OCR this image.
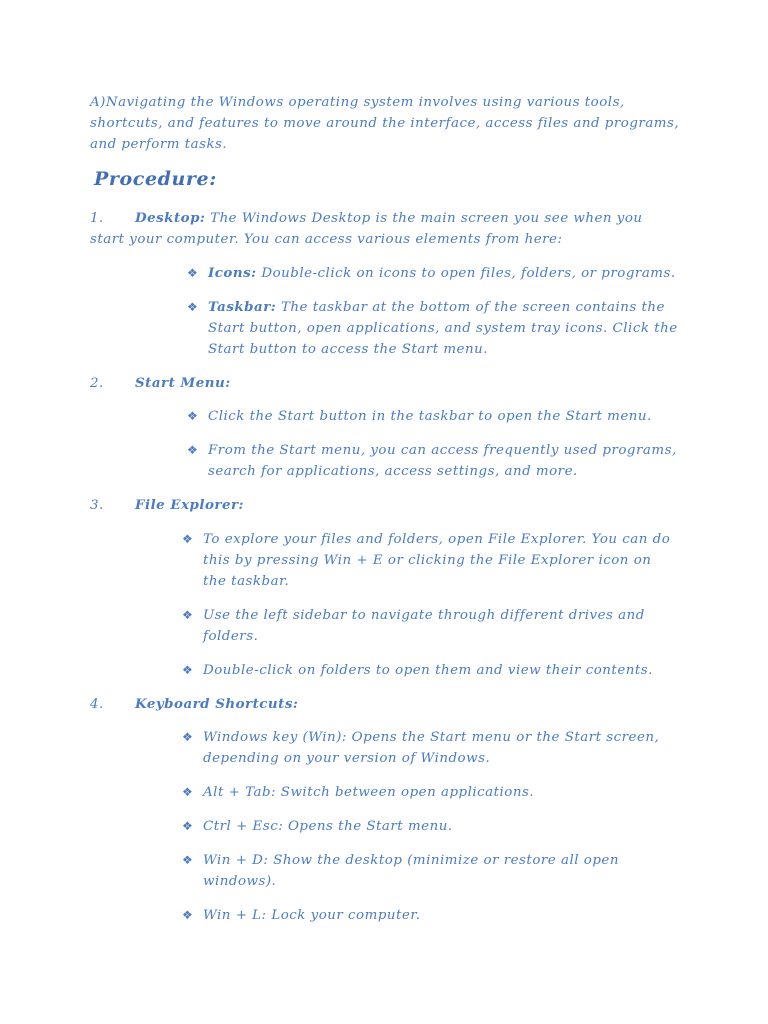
A)Navigating the Windows operating system involves using various tools, shortcuts, and features to move around the interface, access files and programs, and perform tasks.

Procedure:

1. Desktop: The Windows Desktop is the main screen you see when you start your computer. You can access various elements from here:

❖ Icons: Double-click on icons to open files, folders, or programs.

❖ Taskbar: The taskbar at the bottom of the screen contains the Start button, open applications, and system tray icons. Click the Start button to access the Start menu.

2. Start Menu:

❖ Click the Start button in the taskbar to open the Start menu.

❖ From the Start menu, you can access frequently used programs, search for applications, access settings, and more.

3. File Explorer:

❖ To explore your files and folders, open File Explorer. You can do this by pressing Win + E or clicking the File Explorer icon on the taskbar.

❖ Use the left sidebar to navigate through different drives and folders.

❖ Double-click on folders to open them and view their contents.

4. Keyboard Shortcuts:

❖ Windows key (Win): Opens the Start menu or the Start screen, depending on your version of Windows.

❖ Alt + Tab: Switch between open applications.

❖ Ctrl + Esc: Opens the Start menu.

❖ Win + D: Show the desktop (minimize or restore all open windows).

❖ Win + L: Lock your computer.
